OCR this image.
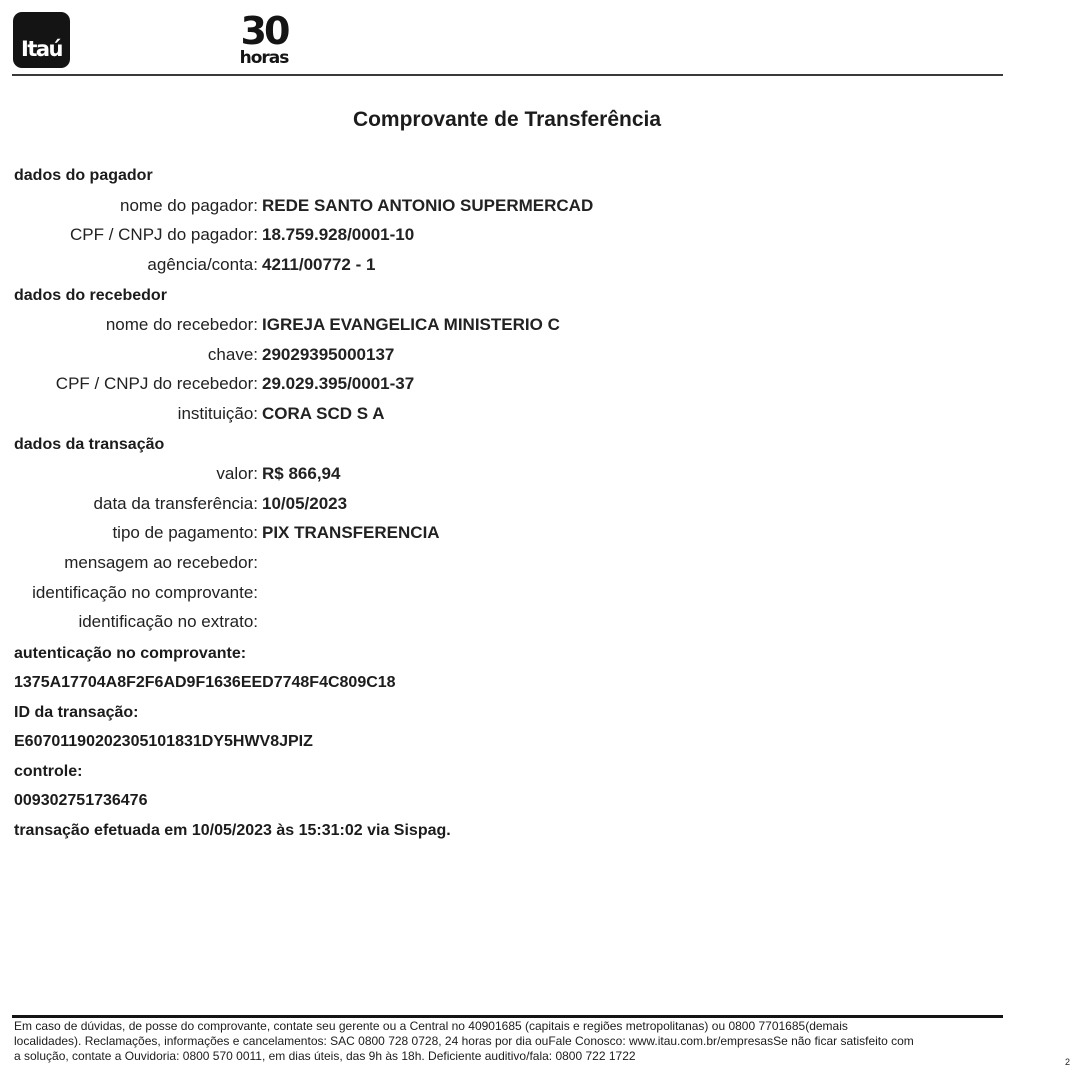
Itaú	30
horas
Comprovante de Transferência
dados do pagador
nome do pagador: REDE SANTO ANTONIO SUPERMERCAD
CPF / CNPJ do pagador: 18.759.928/0001-10
agência/conta: 4211/00772 - 1
dados do recebedor
nome do recebedor: IGREJA EVANGELICA MINISTERIO C
chave: 29029395000137
CPF / CNPJ do recebedor: 29.029.395/0001-37
instituição: CORA SCD S A
dados da transação
valor: R$ 866,94
data da transferência: 10/05/2023
tipo de pagamento: PIX TRANSFERENCIA
mensagem ao recebedor:
identificação no comprovante:
identificação no extrato:
autenticação no comprovante:
1375A17704A8F2F6AD9F1636EED7748F4C809C18
ID da transação:
E60701190202305101831DY5HWV8JPIZ
controle:
009302751736476
transação efetuada em 10/05/2023 às 15:31:02 via Sispag.
Em caso de dúvidas, de posse do comprovante, contate seu gerente ou a Central no 40901685 (capitais e regiões metropolitanas) ou 0800 7701685(demais
localidades). Reclamações, informações e cancelamentos: SAC 0800 728 0728, 24 horas por dia ouFale Conosco: www.itau.com.br/empresasSe não ficar satisfeito com
a solução, contate a Ouvidoria: 0800 570 0011, em dias úteis, das 9h às 18h. Deficiente auditivo/fala: 0800 722 1722	2
